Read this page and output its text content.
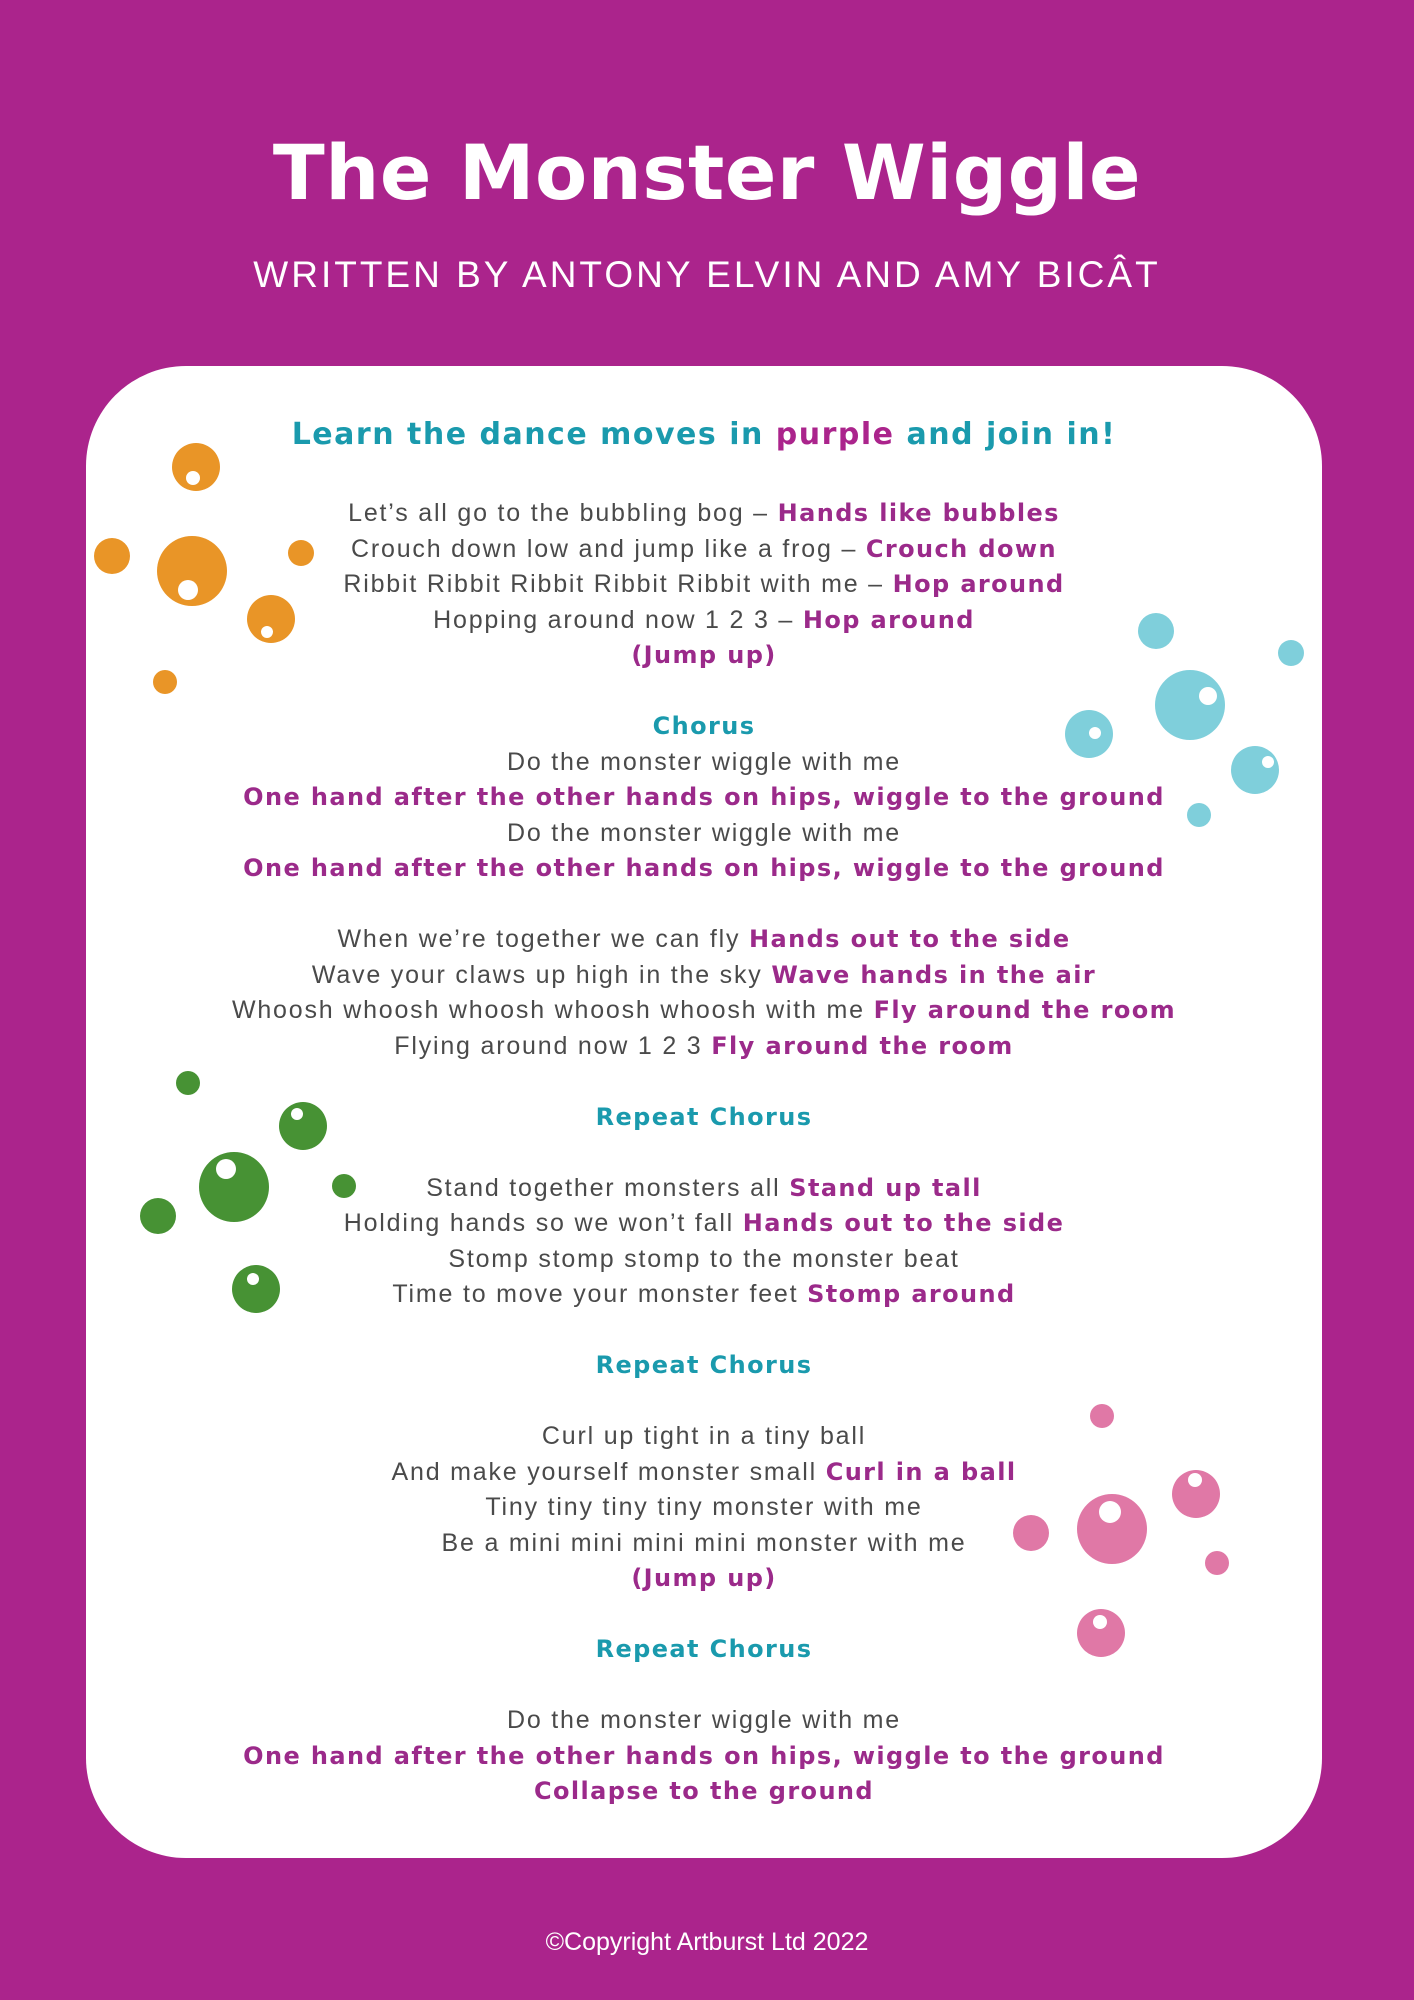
The Monster Wiggle
WRITTEN BY ANTONY ELVIN AND AMY BICÂT
Learn the dance moves in purple and join in!
Let’s all go to the bubbling bog – Hands like bubbles
Crouch down low and jump like a frog – Crouch down
Ribbit Ribbit Ribbit Ribbit Ribbit with me – Hop around
Hopping around now 1 2 3 – Hop around
(Jump up)
Chorus
Do the monster wiggle with me
One hand after the other hands on hips, wiggle to the ground
Do the monster wiggle with me
One hand after the other hands on hips, wiggle to the ground
When we’re together we can fly Hands out to the side
Wave your claws up high in the sky Wave hands in the air
Whoosh whoosh whoosh whoosh whoosh with me Fly around the room
Flying around now 1 2 3 Fly around the room
Repeat Chorus
Stand together monsters all Stand up tall
Holding hands so we won’t fall Hands out to the side
Stomp stomp stomp to the monster beat
Time to move your monster feet Stomp around
Repeat Chorus
Curl up tight in a tiny ball
And make yourself monster small Curl in a ball
Tiny tiny tiny tiny monster with me
Be a mini mini mini mini monster with me
(Jump up)
Repeat Chorus
Do the monster wiggle with me
One hand after the other hands on hips, wiggle to the ground
Collapse to the ground
©Copyright Artburst Ltd 2022
